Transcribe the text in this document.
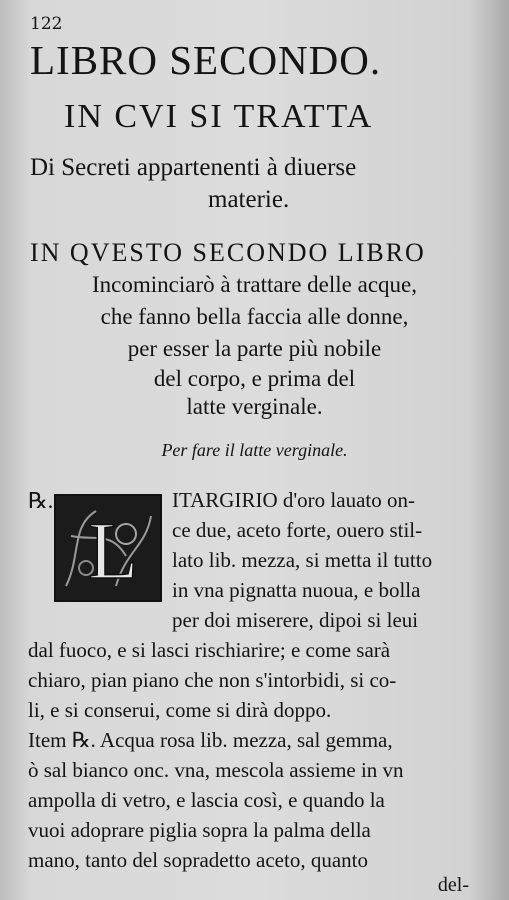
122
LIBRO SECONDO.
IN CVI SI TRATTA
Di Secreti appartenenti à diuerse
materie.
IN QVESTO SECONDO LIBRO
Incominciarò à trattare delle acque,
che fanno bella faccia alle donne,
per esser la parte più nobile
del corpo, e prima del
latte verginale.
Per fare il latte verginale.
℞.
L
ITARGIRIO d'oro lauato on-
ce due, aceto forte, ouero stil-
lato lib. mezza, si metta il tutto
in vna pignatta nuoua, e bolla
per doi miserere, dipoi si leui
dal fuoco, e si lasci rischiarire; e come sarà
chiaro, pian piano che non s'intorbidi, si co-
li, e si conserui, come si dirà doppo.
Item ℞. Acqua rosa lib. mezza, sal gemma,
ò sal bianco onc. vna, mescola assieme in vn
ampolla di vetro, e lascia così, e quando la
vuoi adoprare piglia sopra la palma della
mano, tanto del sopradetto aceto, quanto
del-
